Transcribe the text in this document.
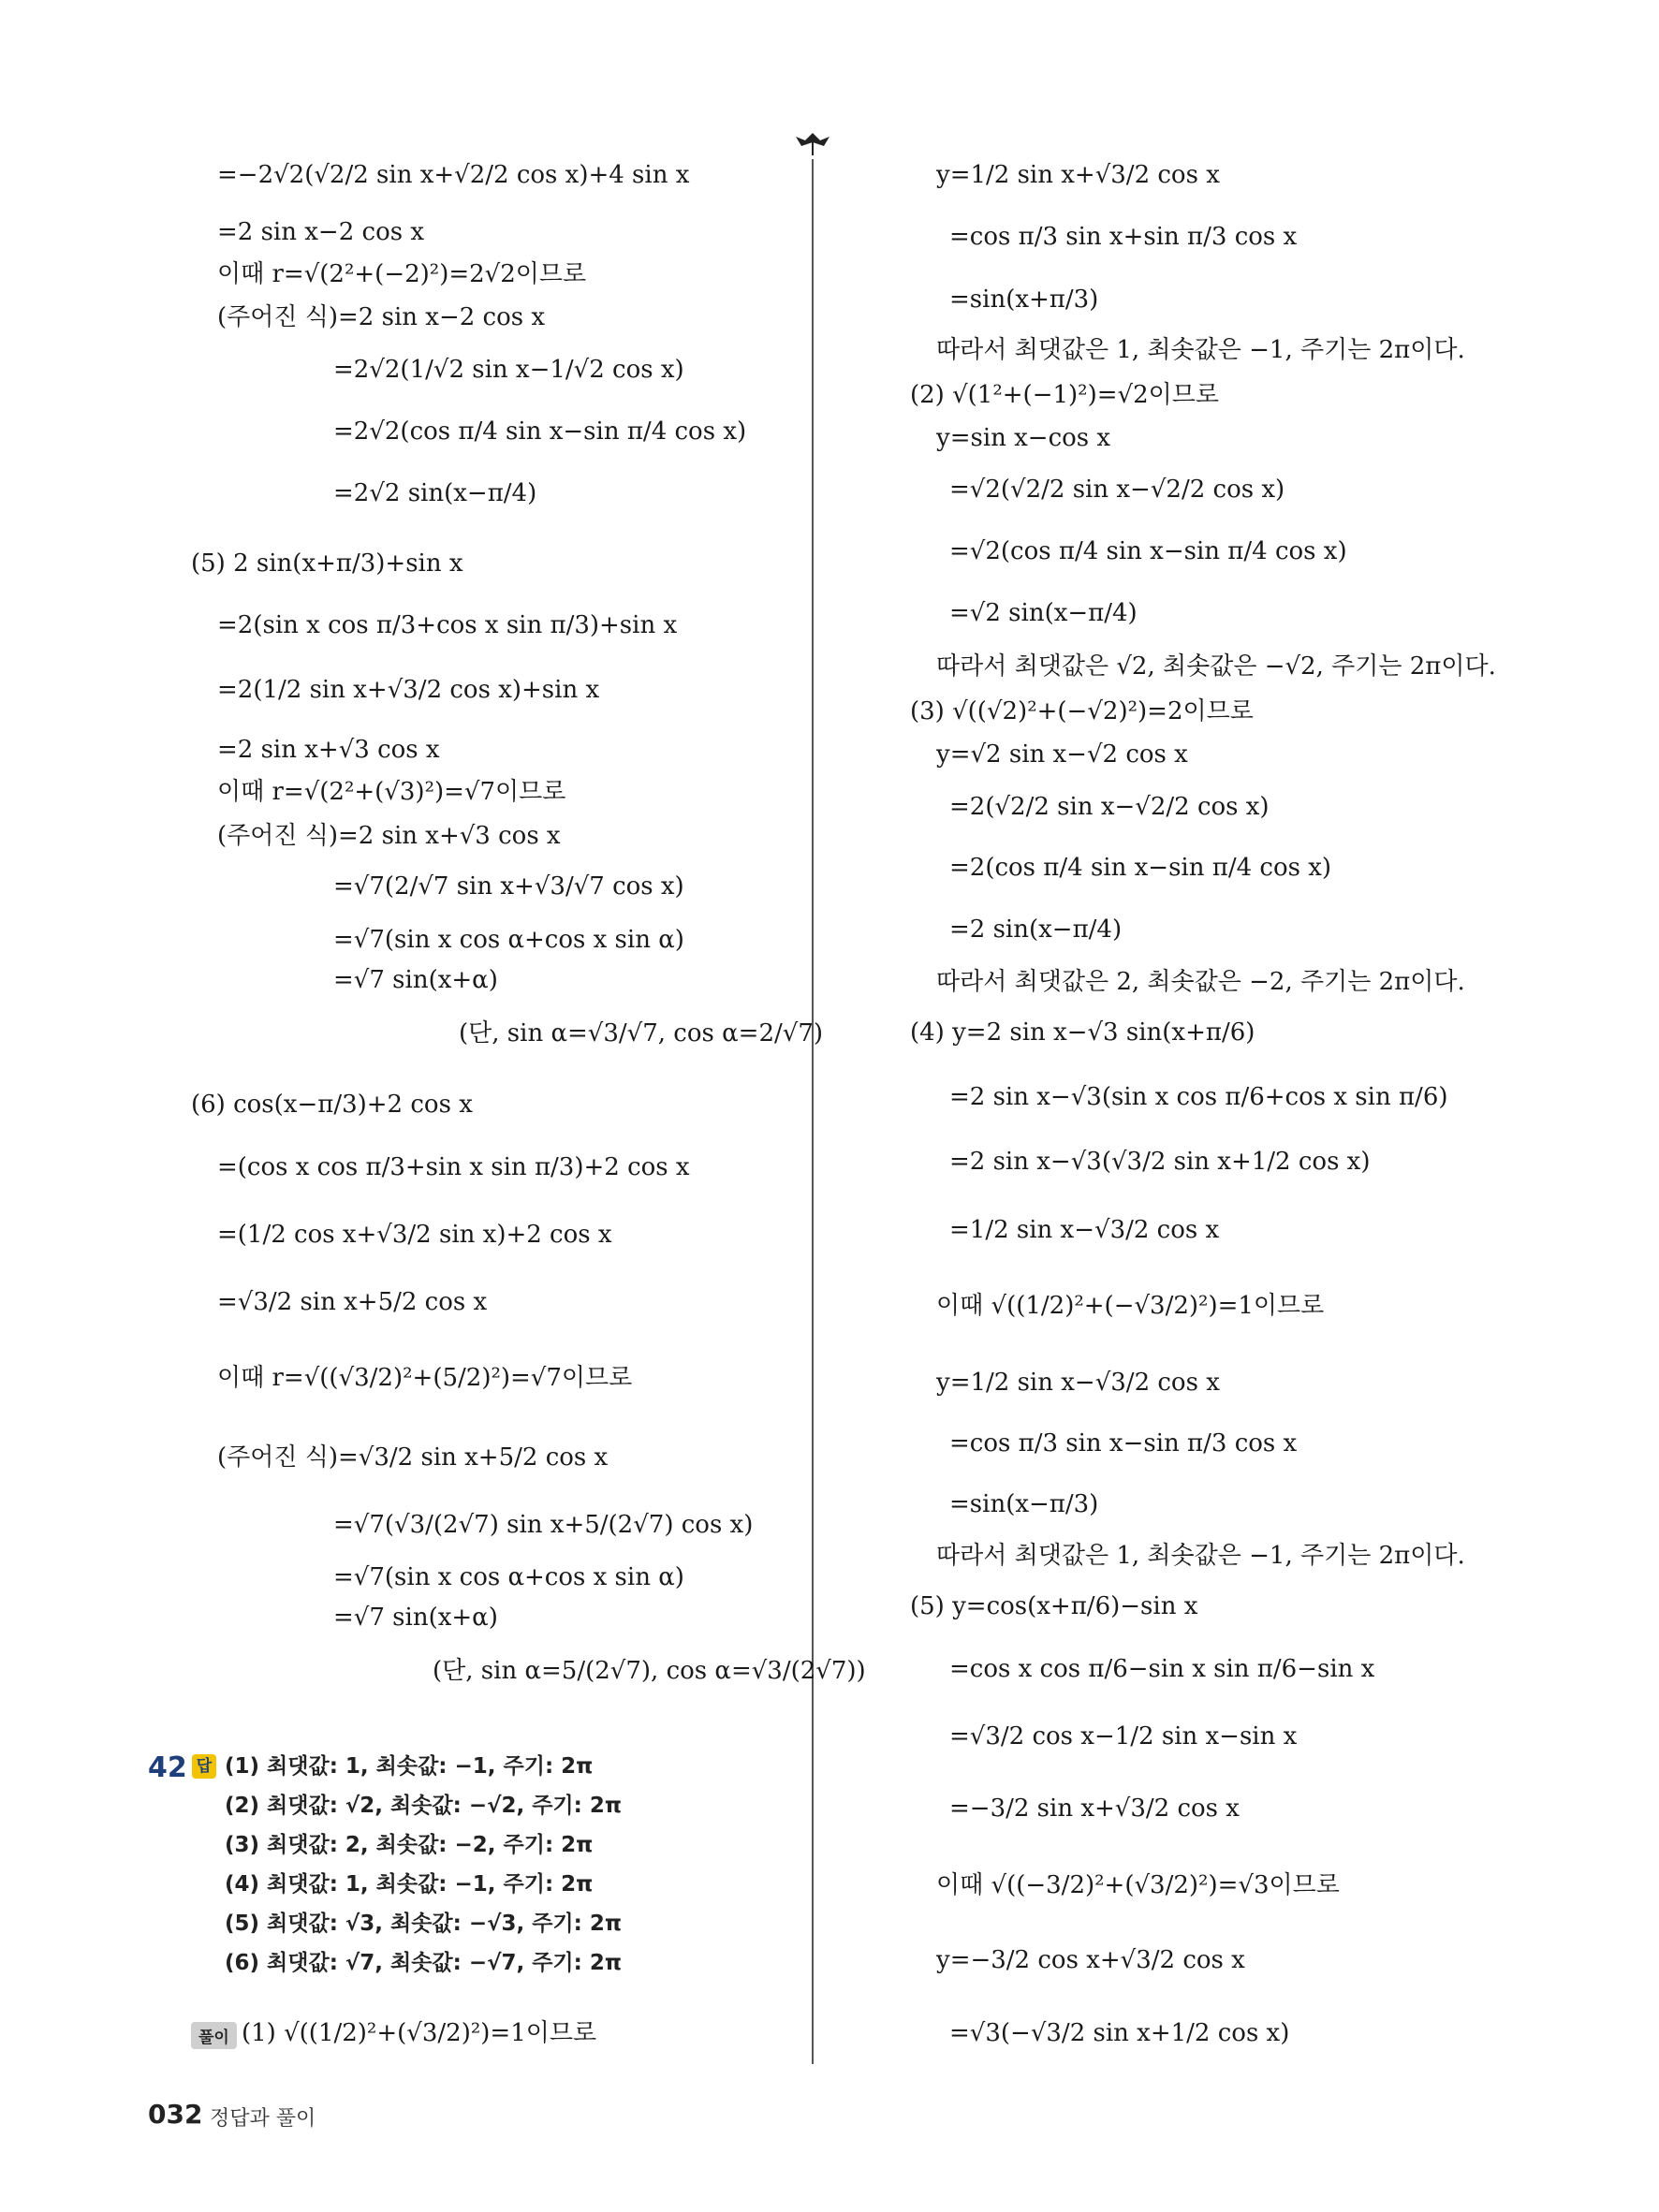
=−2√2(√2/2 sin x+√2/2 cos x)+4 sin x
=2 sin x−2 cos x
이때 r=√(2²+(−2)²)=2√2이므로
(주어진 식)=2 sin x−2 cos x
=2√2(1/√2 sin x−1/√2 cos x)
=2√2(cos π/4 sin x−sin π/4 cos x)
=2√2 sin(x−π/4)
(5) 2 sin(x+π/3)+sin x
=2(sin x cos π/3+cos x sin π/3)+sin x
=2(1/2 sin x+√3/2 cos x)+sin x
=2 sin x+√3 cos x
이때 r=√(2²+(√3)²)=√7이므로
(주어진 식)=2 sin x+√3 cos x
=√7(2/√7 sin x+√3/√7 cos x)
=√7(sin x cos α+cos x sin α)
=√7 sin(x+α)
(단, sin α=√3/√7, cos α=2/√7)
(6) cos(x−π/3)+2 cos x
=(cos x cos π/3+sin x sin π/3)+2 cos x
=(1/2 cos x+√3/2 sin x)+2 cos x
=√3/2 sin x+5/2 cos x
이때 r=√((√3/2)²+(5/2)²)=√7이므로
(주어진 식)=√3/2 sin x+5/2 cos x
=√7(√3/(2√7) sin x+5/(2√7) cos x)
=√7(sin x cos α+cos x sin α)
=√7 sin(x+α)
(단, sin α=5/(2√7), cos α=√3/(2√7))
42 답 (1) 최댓값: 1, 최솟값: −1, 주기: 2π
(2) 최댓값: √2, 최솟값: −√2, 주기: 2π
(3) 최댓값: 2, 최솟값: −2, 주기: 2π
(4) 최댓값: 1, 최솟값: −1, 주기: 2π
(5) 최댓값: √3, 최솟값: −√3, 주기: 2π
(6) 최댓값: √7, 최솟값: −√7, 주기: 2π
풀이 (1) √((1/2)²+(√3/2)²)=1이므로
y=1/2 sin x+√3/2 cos x
=cos π/3 sin x+sin π/3 cos x
=sin(x+π/3)
따라서 최댓값은 1, 최솟값은 −1, 주기는 2π이다.
(2) √(1²+(−1)²)=√2이므로
y=sin x−cos x
=√2(√2/2 sin x−√2/2 cos x)
=√2(cos π/4 sin x−sin π/4 cos x)
=√2 sin(x−π/4)
따라서 최댓값은 √2, 최솟값은 −√2, 주기는 2π이다.
(3) √((√2)²+(−√2)²)=2이므로
y=√2 sin x−√2 cos x
=2(√2/2 sin x−√2/2 cos x)
=2(cos π/4 sin x−sin π/4 cos x)
=2 sin(x−π/4)
따라서 최댓값은 2, 최솟값은 −2, 주기는 2π이다.
(4) y=2 sin x−√3 sin(x+π/6)
=2 sin x−√3(sin x cos π/6+cos x sin π/6)
=2 sin x−√3(√3/2 sin x+1/2 cos x)
=1/2 sin x−√3/2 cos x
이때 √((1/2)²+(−√3/2)²)=1이므로
y=1/2 sin x−√3/2 cos x
=cos π/3 sin x−sin π/3 cos x
=sin(x−π/3)
따라서 최댓값은 1, 최솟값은 −1, 주기는 2π이다.
(5) y=cos(x+π/6)−sin x
=cos x cos π/6−sin x sin π/6−sin x
=√3/2 cos x−1/2 sin x−sin x
=−3/2 sin x+√3/2 cos x
이때 √((−3/2)²+(√3/2)²)=√3이므로
y=−3/2 cos x+√3/2 cos x
=√3(−√3/2 sin x+1/2 cos x)
032 정답과 풀이
